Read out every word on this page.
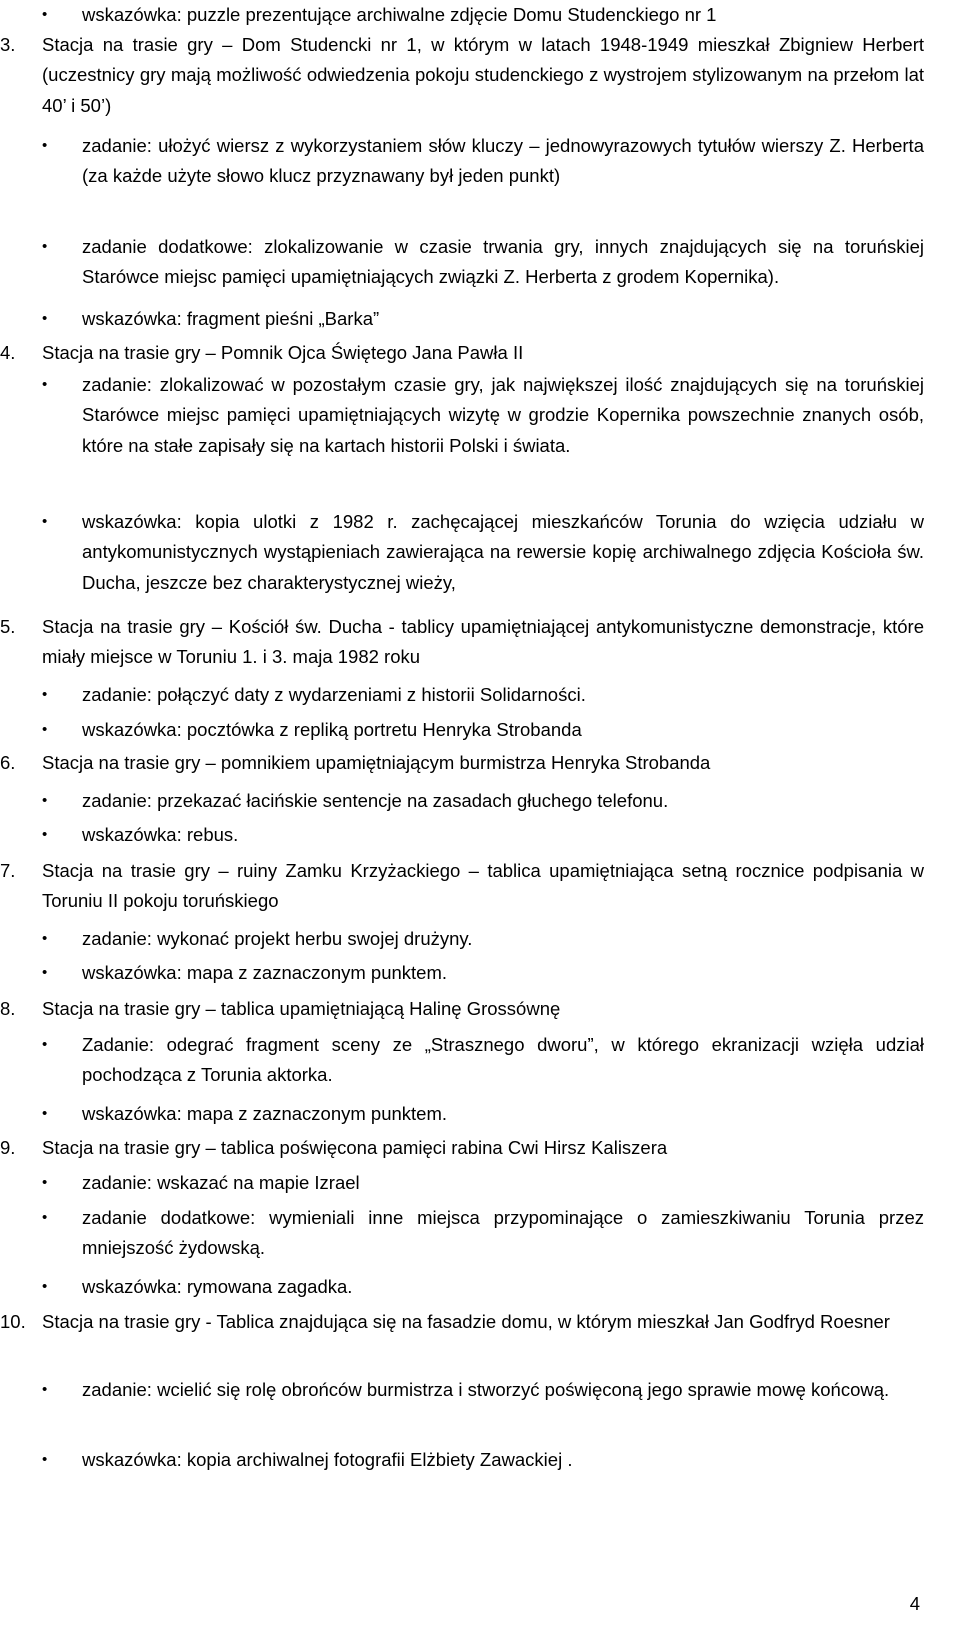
•	wskazówka: puzzle prezentujące archiwalne zdjęcie Domu Studenckiego nr 1
3.	Stacja na trasie gry – Dom Studencki nr 1, w którym w latach 1948-1949 mieszkał Zbigniew Herbert (uczestnicy gry mają możliwość odwiedzenia pokoju studenckiego z wystrojem stylizowanym na przełom lat 40’ i 50’)
•	zadanie: ułożyć wiersz z wykorzystaniem słów kluczy – jednowyrazowych tytułów wierszy Z. Herberta (za każde użyte słowo klucz przyznawany był jeden punkt)
•	zadanie dodatkowe: zlokalizowanie w czasie trwania gry, innych znajdujących się na toruńskiej Starówce miejsc pamięci upamiętniających związki Z. Herberta z grodem Kopernika).
•	wskazówka: fragment pieśni „Barka”
4.	Stacja na trasie gry – Pomnik Ojca Świętego Jana Pawła II
•	zadanie: zlokalizować w pozostałym czasie gry, jak największej ilość znajdujących się na toruńskiej Starówce miejsc pamięci upamiętniających wizytę w grodzie Kopernika powszechnie znanych osób, które na stałe zapisały się na kartach historii Polski i świata.
•	wskazówka: kopia ulotki z 1982 r. zachęcającej mieszkańców Torunia do wzięcia udziału w antykomunistycznych wystąpieniach zawierająca na rewersie kopię archiwalnego zdjęcia Kościoła św. Ducha, jeszcze bez charakterystycznej wieży,
5.	Stacja na trasie gry – Kościół św. Ducha - tablicy upamiętniającej antykomunistyczne demonstracje, które miały miejsce w Toruniu 1. i 3. maja 1982 roku
•	zadanie: połączyć daty z wydarzeniami z historii Solidarności.
•	wskazówka: pocztówka z repliką portretu Henryka Strobanda
6.	Stacja na trasie gry – pomnikiem upamiętniającym burmistrza Henryka Strobanda
•	zadanie: przekazać łacińskie sentencje na zasadach głuchego telefonu.
•	wskazówka: rebus.
7.	Stacja na trasie gry – ruiny Zamku Krzyżackiego – tablica upamiętniająca setną rocznice podpisania w Toruniu II pokoju toruńskiego
•	zadanie: wykonać projekt herbu swojej drużyny.
•	wskazówka: mapa z zaznaczonym punktem.
8.	Stacja na trasie gry – tablica upamiętniającą Halinę Grossównę
•	Zadanie: odegrać fragment sceny ze „Strasznego dworu”, w którego ekranizacji wzięła udział pochodząca z Torunia aktorka.
•	wskazówka: mapa z zaznaczonym punktem.
9.	Stacja na trasie gry – tablica poświęcona pamięci rabina Cwi Hirsz Kaliszera
•	zadanie: wskazać na mapie Izrael
•	zadanie dodatkowe: wymieniali inne miejsca przypominające o zamieszkiwaniu Torunia przez mniejszość żydowską.
•	wskazówka: rymowana zagadka.
10. Stacja na trasie gry - Tablica znajdująca się na fasadzie domu, w którym mieszkał Jan Godfryd Roesner
•	zadanie: wcielić się rolę obrońców burmistrza i stworzyć poświęconą jego sprawie mowę końcową.
•	wskazówka: kopia archiwalnej fotografii Elżbiety Zawackiej .
4
